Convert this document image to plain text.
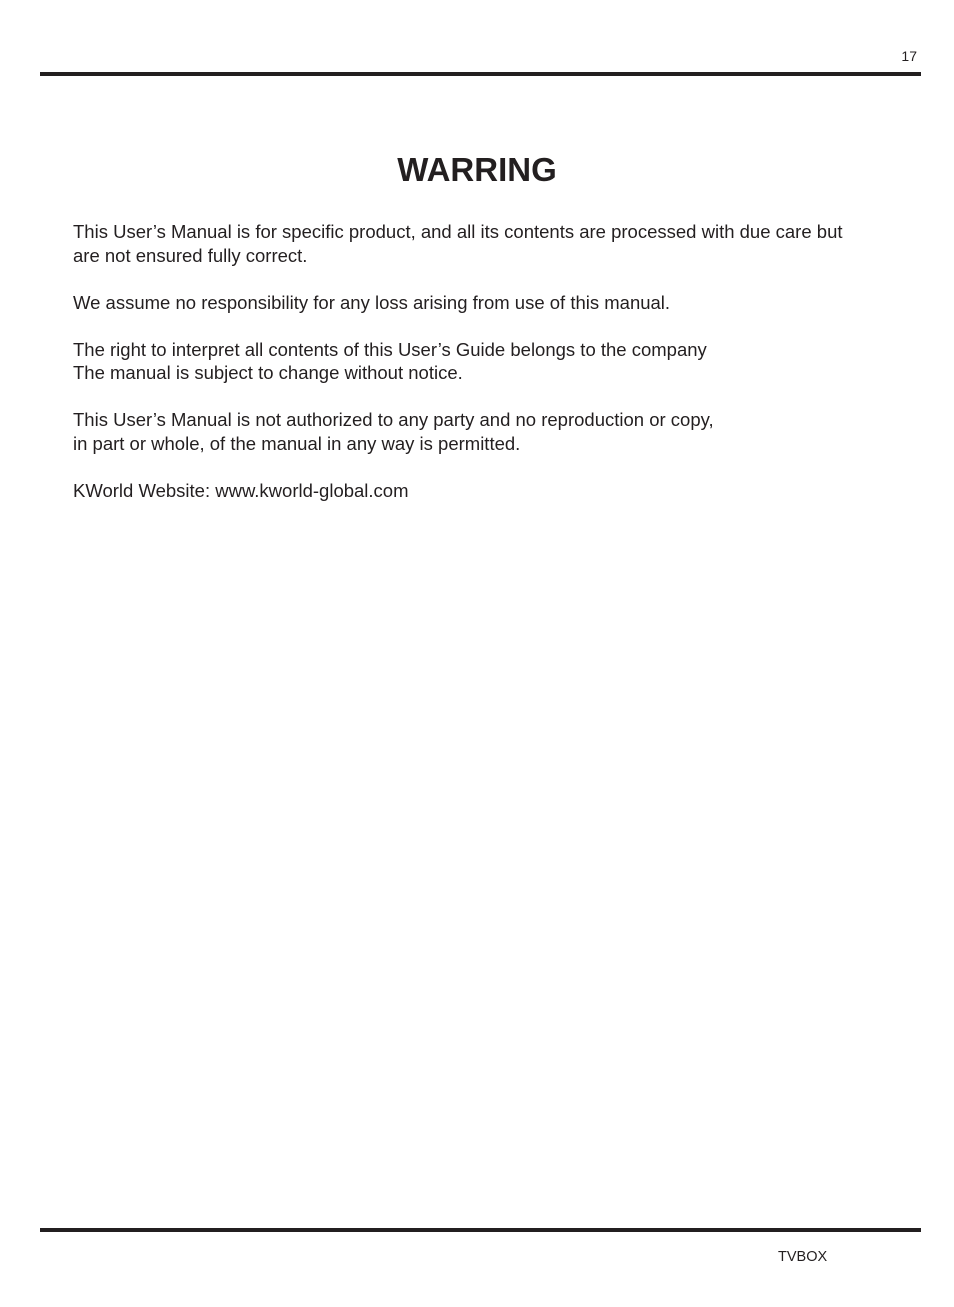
17
WARRING

This User’s Manual is for specific product, and all its contents are processed with due care but
are not ensured fully correct.

We assume no responsibility for any loss arising from use of this manual.

The right to interpret all contents of this User’s Guide belongs to the company
The manual is subject to change without notice.

This User’s Manual is not authorized to any party and no reproduction or copy,
in part or whole, of the manual in any way is permitted.

KWorld Website: www.kworld-global.com

TVBOX
